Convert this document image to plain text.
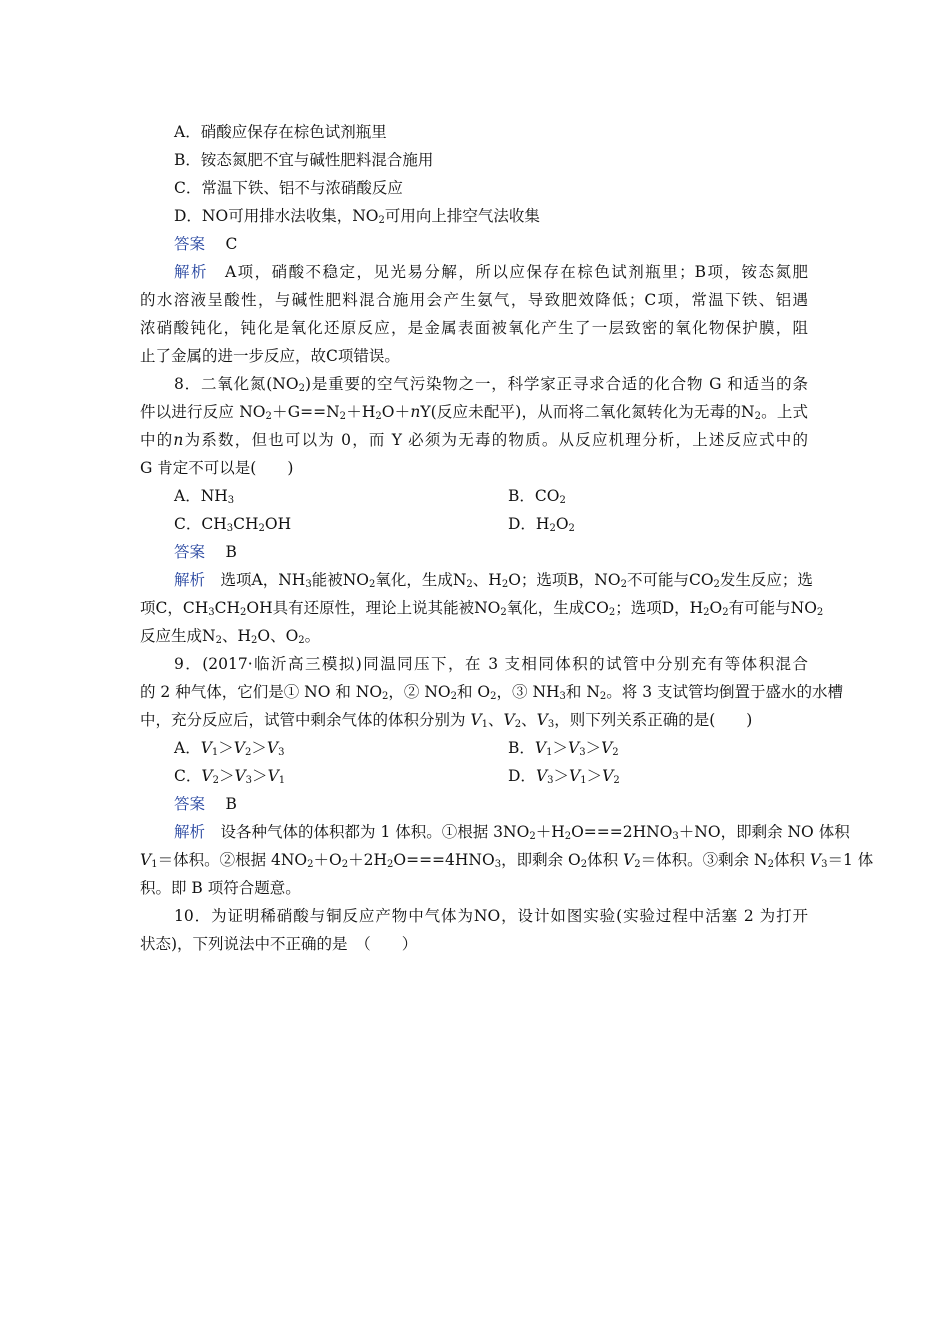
A．硝酸应保存在棕色试剂瓶里
B．铵态氮肥不宜与碱性肥料混合施用
C．常温下铁、铝不与浓硝酸反应
D．NO可用排水法收集，$NO_2$可用向上排空气法收集
答案　 C
解析　 A项，硝酸不稳定，见光易分解，所以应保存在棕色试剂瓶里；B项，铵态氮肥
的水溶液呈酸性，与碱性肥料混合施用会产生氨气，导致肥效降低；C项，常温下铁、铝遇
浓硝酸钝化，钝化是氧化还原反应，是金属表面被氧化产生了一层致密的氧化物保护膜，阻
止了金属的进一步反应，故C项错误。
8．二氧化氮$(NO_2)$是重要的空气污染物之一，科学家正寻求合适的化合物 G 和适当的条
件以进行反应 $NO_2+G==N_2+H_2O+nY$(反应未配平)，从而将二氧化氮转化为无毒的$N_2$。上式
中的n为系数，但也可以为 0，而 Y 必须为无毒的物质。从反应机理分析，上述反应式中的
G 肯定不可以是(　　)
A．$NH_3$	B．$CO_2$
C．$CH_3CH_2OH$	D．$H_2O_2$
答案　 B
解析　 选项A，$NH_3$能被$NO_2$氧化，生成$N_2$、$H_2O$；选项B，$NO_2$不可能与$CO_2$发生反应；选
项C，$CH_3CH_2OH$具有还原性，理论上说其能被$NO_2$氧化，生成$CO_2$；选项D，$H_2O_2$有可能与$NO_2$
反应生成$N_2$、$H_2O$、$O_2$。
9．(2017·临沂高三模拟)同温同压下，在 3 支相同体积的试管中分别充有等体积混合
的 2 种气体，它们是① NO 和 $NO_2$，② $NO_2$和 $O_2$，③ $NH_3$和 $N_2$。将 3 支试管均倒置于盛水的水槽
中，充分反应后，试管中剩余气体的体积分别为 $V_1$、$V_2$、$V_3$，则下列关系正确的是(　　)
A．$V_1>V_2>V_3$	B．$V_1>V_3>V_2$
C．$V_2>V_3>V_1$	D．$V_3>V_1>V_2$
答案　 B
解析　 设各种气体的体积都为 1 体积。①根据 $3NO_2+H_2O===2HNO_3+NO$，即剩余 NO 体积
$V_1=$体积。②根据 $4NO_2+O_2+2H_2O===4HNO_3$，即剩余 $O_2$体积 $V_2=$体积。③剩余 $N_2$体积 $V_3=1$ 体
积。即 B 项符合题意。
10．为证明稀硝酸与铜反应产物中气体为NO，设计如图实验(实验过程中活塞 2 为打开
状态)，下列说法中不正确的是　（　　）
